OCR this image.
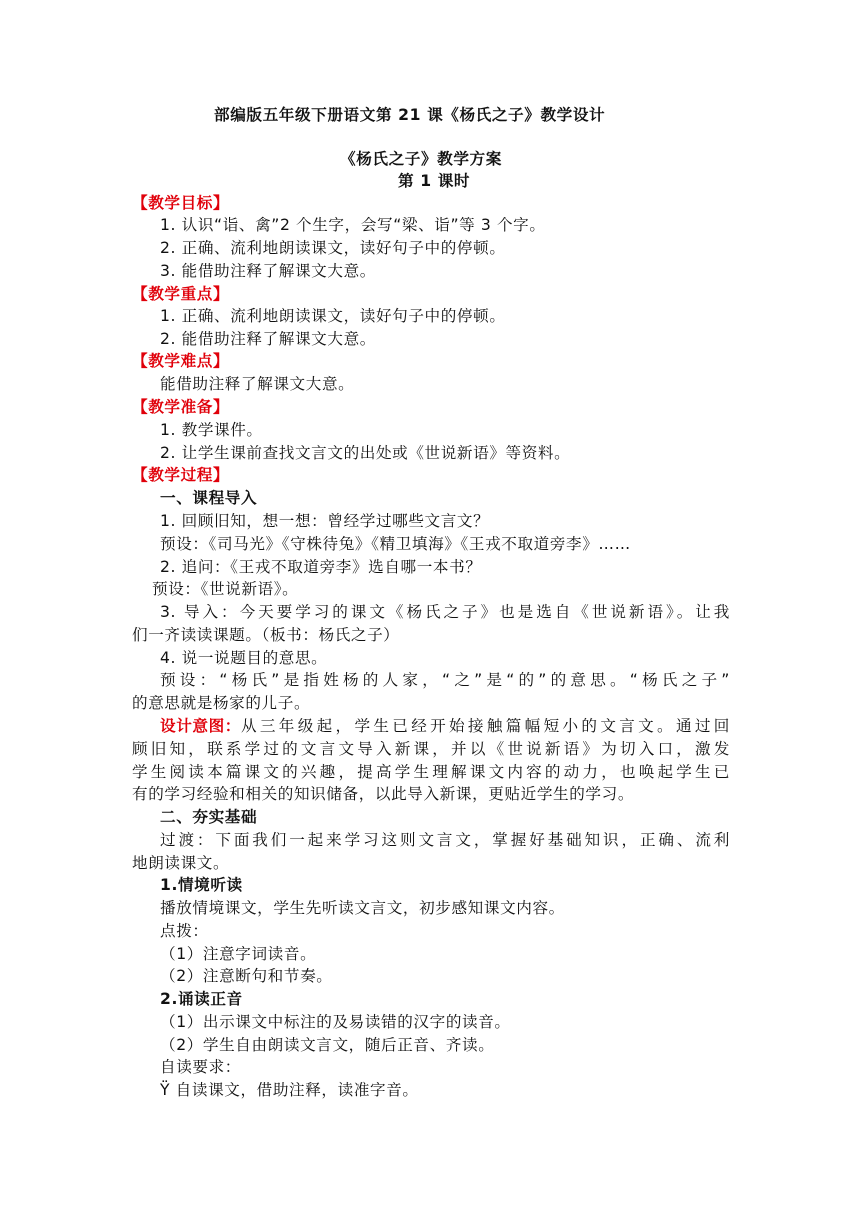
部编版五年级下册语文第 21 课《杨氏之子》教学设计
《杨氏之子》教学方案
第 1 课时
【教学目标】
1. 认识“诣、禽”2 个生字，会写“梁、诣”等 3 个字。
2. 正确、流利地朗读课文，读好句子中的停顿。
3. 能借助注释了解课文大意。
【教学重点】
1. 正确、流利地朗读课文，读好句子中的停顿。
2. 能借助注释了解课文大意。
【教学难点】
能借助注释了解课文大意。
【教学准备】
1. 教学课件。
2. 让学生课前查找文言文的出处或《世说新语》等资料。
【教学过程】
一、课程导入
1. 回顾旧知，想一想：曾经学过哪些文言文？
预设：《司马光》《守株待兔》《精卫填海》《王戎不取道旁李》……
2. 追问：《王戎不取道旁李》选自哪一本书？
预设：《世说新语》。
3. 导入：今天要学习的课文《杨氏之子》也是选自《世说新语》。让我
们一齐读读课题。（板书：杨氏之子）
4. 说一说题目的意思。
预设：“杨氏”是指姓杨的人家，“之”是“的”的意思。“杨氏之子”
的意思就是杨家的儿子。
设计意图： 从三年级起，学生已经开始接触篇幅短小的文言文。通过回
顾旧知，联系学过的文言文导入新课，并以《世说新语》为切入口，激发
学生阅读本篇课文的兴趣，提高学生理解课文内容的动力，也唤起学生已
有的学习经验和相关的知识储备，以此导入新课，更贴近学生的学习。
二、夯实基础
过渡：下面我们一起来学习这则文言文，掌握好基础知识，正确、流利
地朗读课文。
1.情境听读
播放情境课文，学生先听读文言文，初步感知课文内容。
点拨：
（1）注意字词读音。
（2）注意断句和节奏。
2.诵读正音
（1）出示课文中标注的及易读错的汉字的读音。
（2）学生自由朗读文言文，随后正音、齐读。
自读要求：
Ÿ 自读课文，借助注释，读准字音。
